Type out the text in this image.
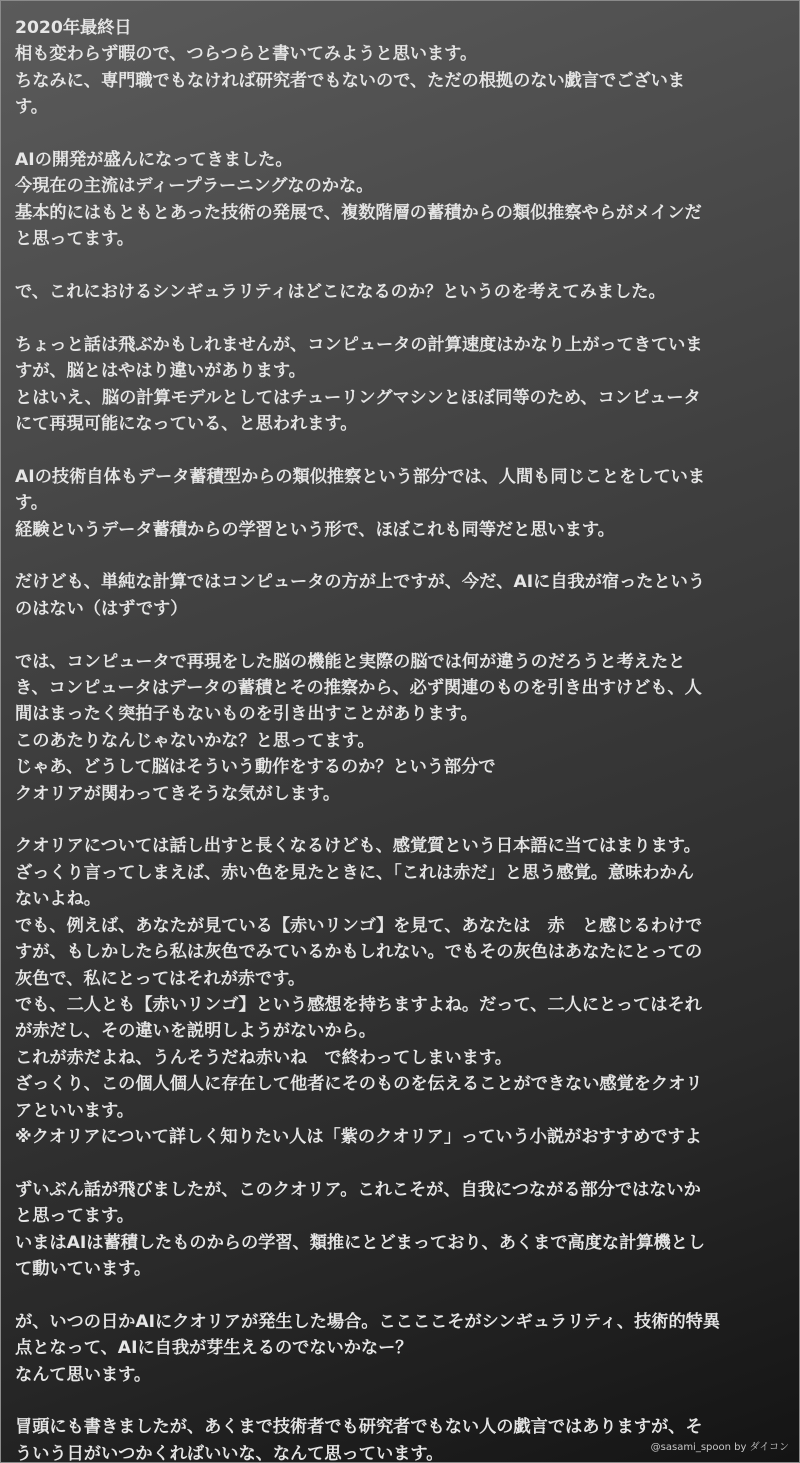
2020年最終日
相も変わらず暇ので、つらつらと書いてみようと思います。
ちなみに、専門職でもなければ研究者でもないので、ただの根拠のない戯言でございま
す。
AIの開発が盛んになってきました。
今現在の主流はディープラーニングなのかな。
基本的にはもともとあった技術の発展で、複数階層の蓄積からの類似推察やらがメインだ
と思ってます。
で、これにおけるシンギュラリティはどこになるのか？というのを考えてみました。
ちょっと話は飛ぶかもしれませんが、コンピュータの計算速度はかなり上がってきていま
すが、脳とはやはり違いがあります。
とはいえ、脳の計算モデルとしてはチューリングマシンとほぼ同等のため、コンピュータ
にて再現可能になっている、と思われます。
AIの技術自体もデータ蓄積型からの類似推察という部分では、人間も同じことをしていま
す。
経験というデータ蓄積からの学習という形で、ほぼこれも同等だと思います。
だけども、単純な計算ではコンピュータの方が上ですが、今だ、AIに自我が宿ったという
のはない（はずです）
では、コンピュータで再現をした脳の機能と実際の脳では何が違うのだろうと考えたと
き、コンピュータはデータの蓄積とその推察から、必ず関連のものを引き出すけども、人
間はまったく突拍子もないものを引き出すことがあります。
このあたりなんじゃないかな？と思ってます。
じゃあ、どうして脳はそういう動作をするのか？という部分で
クオリアが関わってきそうな気がします。
クオリアについては話し出すと長くなるけども、感覚質という日本語に当てはまります。
ざっくり言ってしまえば、赤い色を見たときに、「これは赤だ」と思う感覚。意味わかん
ないよね。
でも、例えば、あなたが見ている【赤いリンゴ】を見て、あなたは　赤　と感じるわけで
すが、もしかしたら私は灰色でみているかもしれない。でもその灰色はあなたにとっての
灰色で、私にとってはそれが赤です。
でも、二人とも【赤いリンゴ】という感想を持ちますよね。だって、二人にとってはそれ
が赤だし、その違いを説明しようがないから。
これが赤だよね、うんそうだね赤いね　で終わってしまいます。
ざっくり、この個人個人に存在して他者にそのものを伝えることができない感覚をクオリ
アといいます。
※クオリアについて詳しく知りたい人は「紫のクオリア」っていう小説がおすすめですよ
ずいぶん話が飛びましたが、このクオリア。これこそが、自我につながる部分ではないか
と思ってます。
いまはAIは蓄積したものからの学習、類推にとどまっており、あくまで高度な計算機とし
て動いています。
が、いつの日かAIにクオリアが発生した場合。ここここそがシンギュラリティ、技術的特異
点となって、AIに自我が芽生えるのでないかなー？
なんて思います。
冒頭にも書きましたが、あくまで技術者でも研究者でもない人の戯言ではありますが、そ
ういう日がいつかくればいいな、なんて思っています。	@sasami_spoon by ダイコン
